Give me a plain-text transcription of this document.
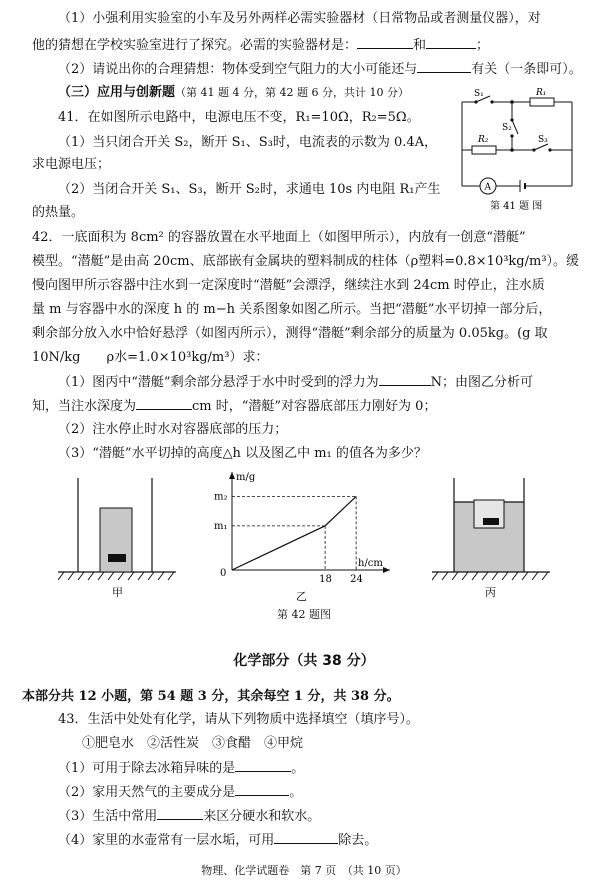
（1）小强利用实验室的小车及另外两样必需实验器材（日常物品或者测量仪器），对
他的猜想在学校实验室进行了探究。必需的实验器材是：	和	；
（2）请说出你的合理猜想：物体受到空气阻力的大小可能还与	有关（一条即可）。
（三）应用与创新题（第 41 题 4 分，第 42 题 6 分，共计 10 分）
41．在如图所示电路中，电源电压不变，R₁=10Ω，R₂=5Ω。
（1）当只闭合开关 S₂，断开 S₁、S₃时，电流表的示数为 0.4A，
求电源电压；
（2）当闭合开关 S₁、S₃，断开 S₂时，求通电 10s 内电阻 R₁产生
的热量。
S₁	R₁
S₂
R₂	S₃
A
第 41 题 图
42．一底面积为 8cm² 的容器放置在水平地面上（如图甲所示），内放有一创意“潜艇”
模型。“潜艇”是由高 20cm、底部嵌有金属块的塑料制成的柱体（ρ塑料=0.8×10³kg/m³）。缓
慢向图甲所示容器中注水到一定深度时“潜艇”会漂浮，继续注水到 24cm 时停止，注水质
量 m 与容器中水的深度 h 的 m−h 关系图象如图乙所示。当把“潜艇”水平切掉一部分后，
剩余部分放入水中恰好悬浮（如图丙所示），测得“潜艇”剩余部分的质量为 0.05kg。(g 取
10N/kg　　ρ水=1.0×10³kg/m³）求：
（1）图丙中“潜艇”剩余部分悬浮于水中时受到的浮力为	N；由图乙分析可
知，当注水深度为	cm 时，“潜艇”对容器底部压力刚好为 0；
（2）注水停止时水对容器底部的压力；
（3）“潜艇”水平切掉的高度△h 以及图乙中 m₁ 的值各为多少？
甲
m/g
h/cm
0
18 24
m₁
m₂
乙	丙
第 42 题图
化学部分（共 38 分）
本部分共 12 小题，第 54 题 3 分，其余每空 1 分，共 38 分。
43．生活中处处有化学，请从下列物质中选择填空（填序号）。
①肥皂水　②活性炭　③食醋　④甲烷
（1）可用于除去冰箱异味的是	。
（2）家用天然气的主要成分是	。
（3）生活中常用	来区分硬水和软水。
（4）家里的水壶常有一层水垢，可用	除去。
物理、化学试题卷　第 7 页　（共 10 页）
